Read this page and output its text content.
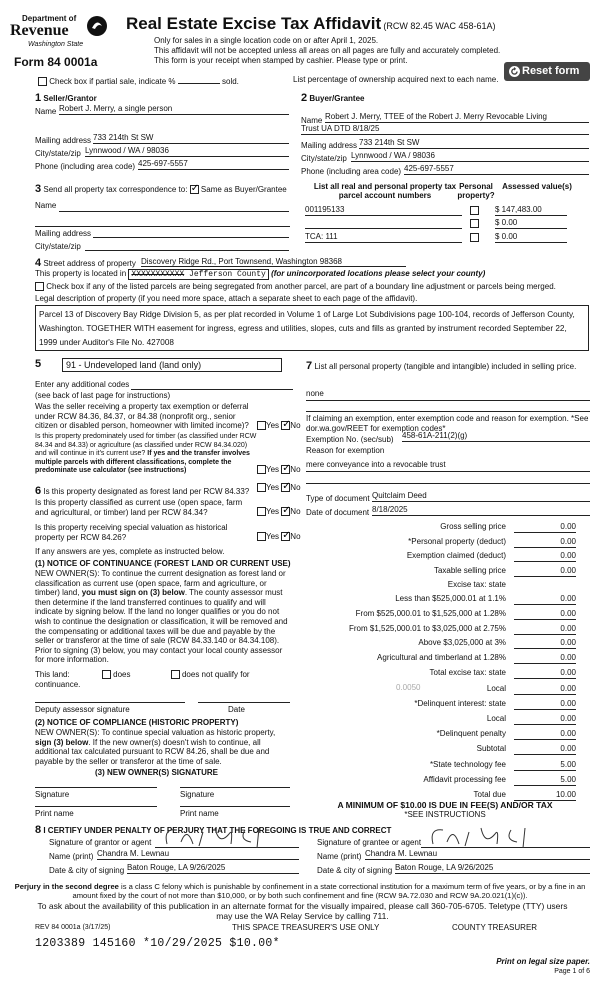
Department of
Revenue
Washington State
Form 84 0001a
Real Estate Excise Tax Affidavit (RCW 82.45 WAC 458-61A)
Only for sales in a single location code on or after April 1, 2025.
This affidavit will not be accepted unless all areas on all pages are fully and accurately completed.
This form is your receipt when stamped by cashier. Please type or print.
Reset form
Check box if partial sale, indicate %	sold.	List percentage of ownership acquired next to each name.
1 Seller/Grantor
Name Robert J. Merry, a single person
Mailing address 733 214th St SW
City/state/zip Lynnwood / WA / 98036
Phone (including area code) 425-697-5557
2 Buyer/Grantee
Name Robert J. Merry, TTEE of the Robert J. Merry Revocable Living
Trust UA DTD 8/18/25
Mailing address 733 214th St SW
City/state/zip Lynnwood / WA / 98036
Phone (including area code) 425-697-5557
3 Send all property tax correspondence to: ✓ Same as Buyer/Grantee
Name
Mailing address
City/state/zip
List all real and personal property tax parcel account numbers
Personal property?
Assessed value(s)
001195133	$ 147,483.00
$ 0.00
TCA: 111	$ 0.00
4 Street address of property Discovery Ridge Rd., Port Townsend, Washington 98368
This property is located in XXXXXXXXXXX Jefferson County (for unincorporated locations please select your county)
Check box if any of the listed parcels are being segregated from another parcel, are part of a boundary line adjustment or parcels being merged.
Legal description of property (if you need more space, attach a separate sheet to each page of the affidavit).
Parcel 13 of Discovery Bay Ridge Division 5, as per plat recorded in Volume 1 of Large Lot Subdivisions page 100-104, records of Jefferson County, Washington. TOGETHER WITH easement for ingress, egress and utilities, slopes, cuts and fills as granted by instrument recorded September 22, 1999 under Auditor's File No. 427008
5	91 - Undeveloped land (land only)
Enter any additional codes
(see back of last page for instructions)
Was the seller receiving a property tax exemption or deferral under RCW 84.36, 84.37, or 84.38 (nonprofit org., senior citizen or disabled person, homeowner with limited income)?	Yes ✓ No
Is this property predominately used for timber (as classified under RCW 84.34 and 84.33) or agriculture (as classified under RCW 84.34.020) and will continue in it's current use? If yes and the transfer involves multiple parcels with different classifications, complete the predominate use calculator (see instructions)	Yes ✓ No
6 Is this property designated as forest land per RCW 84.33?	Yes ✓ No
Is this property classified as current use (open space, farm and agricultural, or timber) land per RCW 84.34?	Yes ✓ No
Is this property receiving special valuation as historical property per RCW 84.26?	Yes ✓ No
If any answers are yes, complete as instructed below.
(1) NOTICE OF CONTINUANCE (FOREST LAND OR CURRENT USE)
NEW OWNER(S): To continue the current designation as forest land or classification as current use (open space, farm and agriculture, or timber) land, you must sign on (3) below. The county assessor must then determine if the land transferred continues to qualify and will indicate by signing below. If the land no longer qualifies or you do not wish to continue the designation or classification, it will be removed and the compensating or additional taxes will be due and payable by the seller or transferor at the time of sale (RCW 84.33.140 or 84.34.108). Prior to signing (3) below, you may contact your local county assessor for more information.
This land:	does	does not qualify for
continuance.
Deputy assessor signature	Date
(2) NOTICE OF COMPLIANCE (HISTORIC PROPERTY)
NEW OWNER(S): To continue special valuation as historic property, sign (3) below. If the new owner(s) doesn't wish to continue, all additional tax calculated pursuant to RCW 84.26, shall be due and payable by the seller or transferor at the time of sale.
(3) NEW OWNER(S) SIGNATURE
Signature	Signature
Print name	Print name
7 List all personal property (tangible and intangible) included in selling price.
none
If claiming an exemption, enter exemption code and reason for exemption. *See dor.wa.gov/REET for exemption codes*
Exemption No. (sec/sub) 458-61A-211(2)(g)
Reason for exemption
mere conveyance into a revocable trust
Type of document Quitclaim Deed
Date of document 8/18/2025
Gross selling price	0.00
*Personal property (deduct)	0.00
Exemption claimed (deduct)	0.00
Taxable selling price	0.00
Excise tax: state
Less than $525,000.01 at 1.1%	0.00
From $525,000.01 to $1,525,000 at 1.28%	0.00
From $1,525,000.01 to $3,025,000 at 2.75%	0.00
Above $3,025,000 at 3%	0.00
Agricultural and timberland at 1.28%	0.00
Total excise tax: state	0.00
Local	0.00
0.0050
*Delinquent interest: state	0.00
Local	0.00
*Delinquent penalty	0.00
Subtotal	0.00
*State technology fee	5.00
Affidavit processing fee	5.00
Total due	10.00
A MINIMUM OF $10.00 IS DUE IN FEE(S) AND/OR TAX
*SEE INSTRUCTIONS
8 I CERTIFY UNDER PENALTY OF PERJURY THAT THE FOREGOING IS TRUE AND CORRECT
Signature of grantor or agent
Name (print) Chandra M. Lewnau
Date & city of signing Baton Rouge, LA 9/26/2025
Signature of grantee or agent
Name (print) Chandra M. Lewnau
Date & city of signing Baton Rouge, LA 9/26/2025
Perjury in the second degree is a class C felony which is punishable by confinement in a state correctional institution for a maximum term of five years, or by a fine in an amount fixed by the court of not more than $10,000, or by both such confinement and fine (RCW 9A.72.030 and RCW 9A.20.021(1)(c)).
To ask about the availability of this publication in an alternate format for the visually impaired, please call 360-705-6705. Teletype (TTY) users may use the WA Relay Service by calling 711.
REV 84 0001a (3/17/25)	THIS SPACE TREASURER'S USE ONLY	COUNTY TREASURER
1203389 145160 *10/29/2025 $10.00*
Print on legal size paper.
Page 1 of 6
